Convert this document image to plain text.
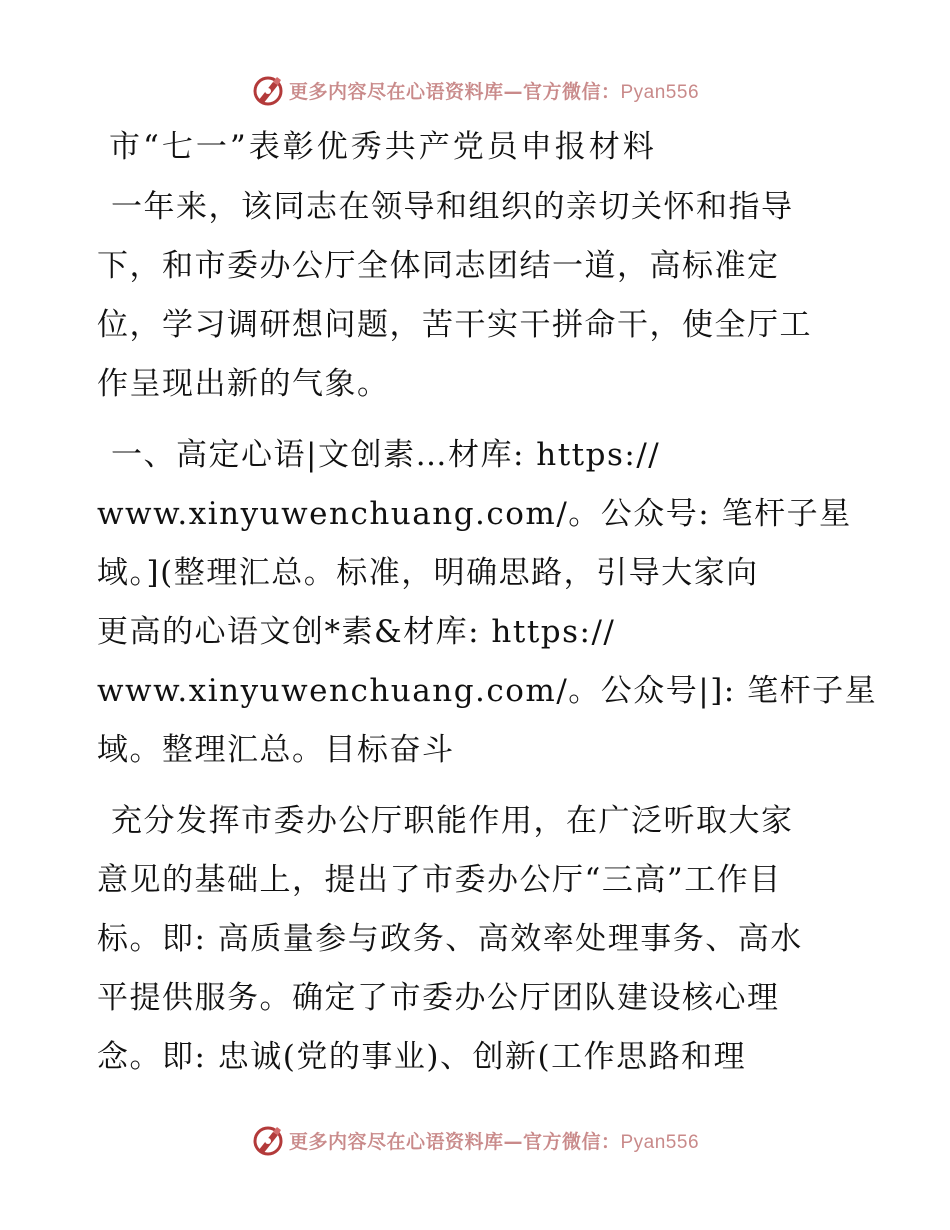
更多内容尽在心语资料库—官方微信：Pyan556
市“七一”表彰优秀共产党员申报材料
一年来，该同志在领导和组织的亲切关怀和指导
下，和市委办公厅全体同志团结一道，高标准定
位，学习调研想问题，苦干实干拼命干，使全厅工
作呈现出新的气象。
一、高定心语|文创素…材库: https://
www.xinyuwenchuang.com/。公众号: 笔杆子星
域。](整理汇总。标准，明确思路，引导大家向
更高的心语文创*素&材库: https://
www.xinyuwenchuang.com/。公众号|]: 笔杆子星
域。整理汇总。目标奋斗
充分发挥市委办公厅职能作用，在广泛听取大家
意见的基础上，提出了市委办公厅“三高”工作目
标。即: 高质量参与政务、高效率处理事务、高水
平提供服务。确定了市委办公厅团队建设核心理
念。即: 忠诚(党的事业)、创新(工作思路和理
更多内容尽在心语资料库—官方微信：Pyan556
